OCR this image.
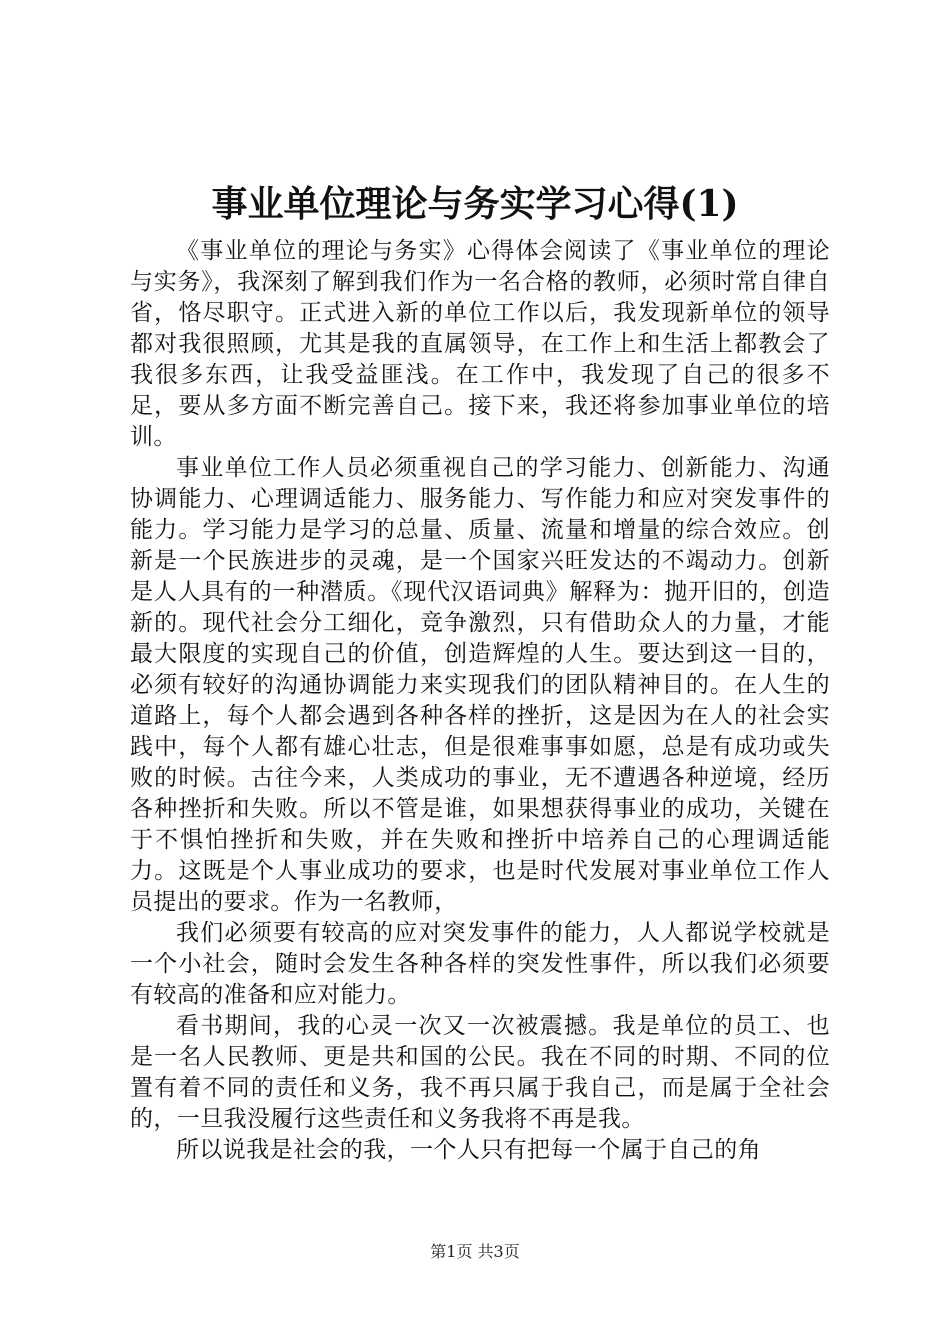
事业单位理论与务实学习心得(1)

《事业单位的理论与务实》心得体会阅读了《事业单位的理论与实务》，我深刻了解到我们作为一名合格的教师，必须时常自律自省，恪尽职守。正式进入新的单位工作以后，我发现新单位的领导都对我很照顾，尤其是我的直属领导，在工作上和生活上都教会了我很多东西，让我受益匪浅。在工作中，我发现了自己的很多不足，要从多方面不断完善自己。接下来，我还将参加事业单位的培训。

事业单位工作人员必须重视自己的学习能力、创新能力、沟通协调能力、心理调适能力、服务能力、写作能力和应对突发事件的能力。学习能力是学习的总量、质量、流量和增量的综合效应。创新是一个民族进步的灵魂，是一个国家兴旺发达的不竭动力。创新是人人具有的一种潜质。《现代汉语词典》解释为：抛开旧的，创造新的。现代社会分工细化，竞争激烈，只有借助众人的力量，才能最大限度的实现自己的价值，创造辉煌的人生。要达到这一目的，必须有较好的沟通协调能力来实现我们的团队精神目的。在人生的道路上，每个人都会遇到各种各样的挫折，这是因为在人的社会实践中，每个人都有雄心壮志，但是很难事事如愿，总是有成功或失败的时候。古往今来，人类成功的事业，无不遭遇各种逆境，经历各种挫折和失败。所以不管是谁，如果想获得事业的成功，关键在于不惧怕挫折和失败，并在失败和挫折中培养自己的心理调适能力。这既是个人事业成功的要求，也是时代发展对事业单位工作人员提出的要求。作为一名教师，

我们必须要有较高的应对突发事件的能力，人人都说学校就是一个小社会，随时会发生各种各样的突发性事件，所以我们必须要有较高的准备和应对能力。

看书期间，我的心灵一次又一次被震撼。我是单位的员工、也是一名人民教师、更是共和国的公民。我在不同的时期、不同的位置有着不同的责任和义务，我不再只属于我自己，而是属于全社会的，一旦我没履行这些责任和义务我将不再是我。

所以说我是社会的我，一个人只有把每一个属于自己的角

第1页 共3页
